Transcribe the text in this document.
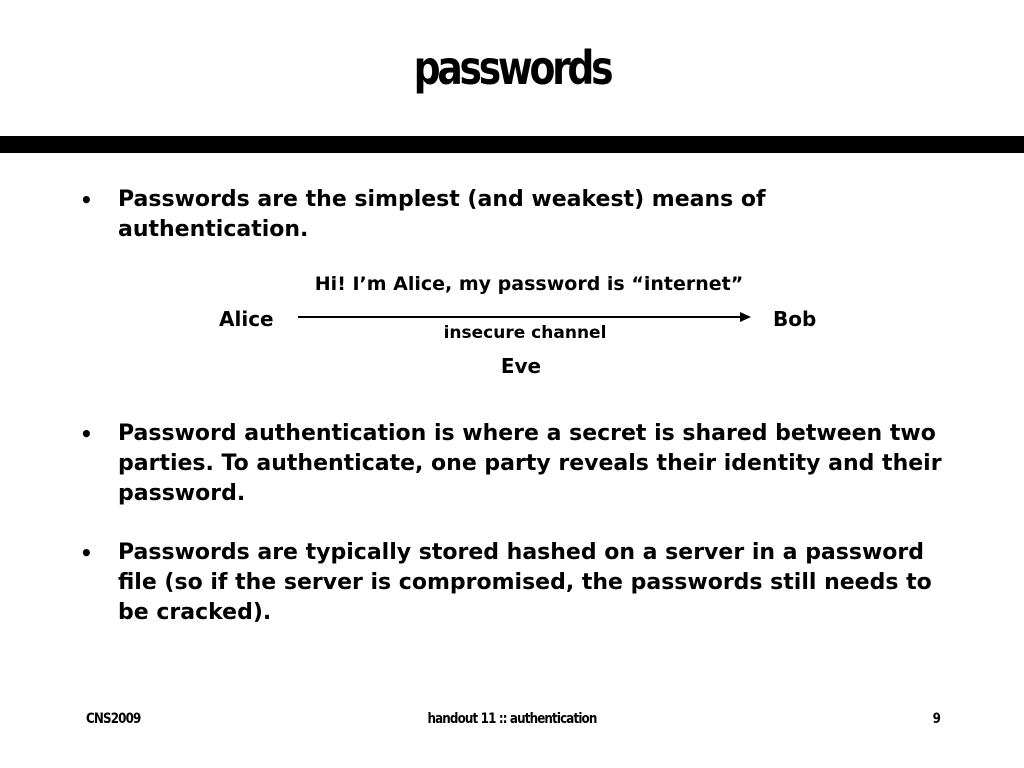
passwords
•	Passwords are the simplest (and weakest) means of authentication.
Hi! I’m Alice, my password is “internet”
Alice	Bob
insecure channel
Eve
•	Password authentication is where a secret is shared between two parties. To authenticate, one party reveals their identity and their password.
•	Passwords are typically stored hashed on a server in a password file (so if the server is compromised, the passwords still needs to be cracked).
CNS2009	handout 11 :: authentication	9
